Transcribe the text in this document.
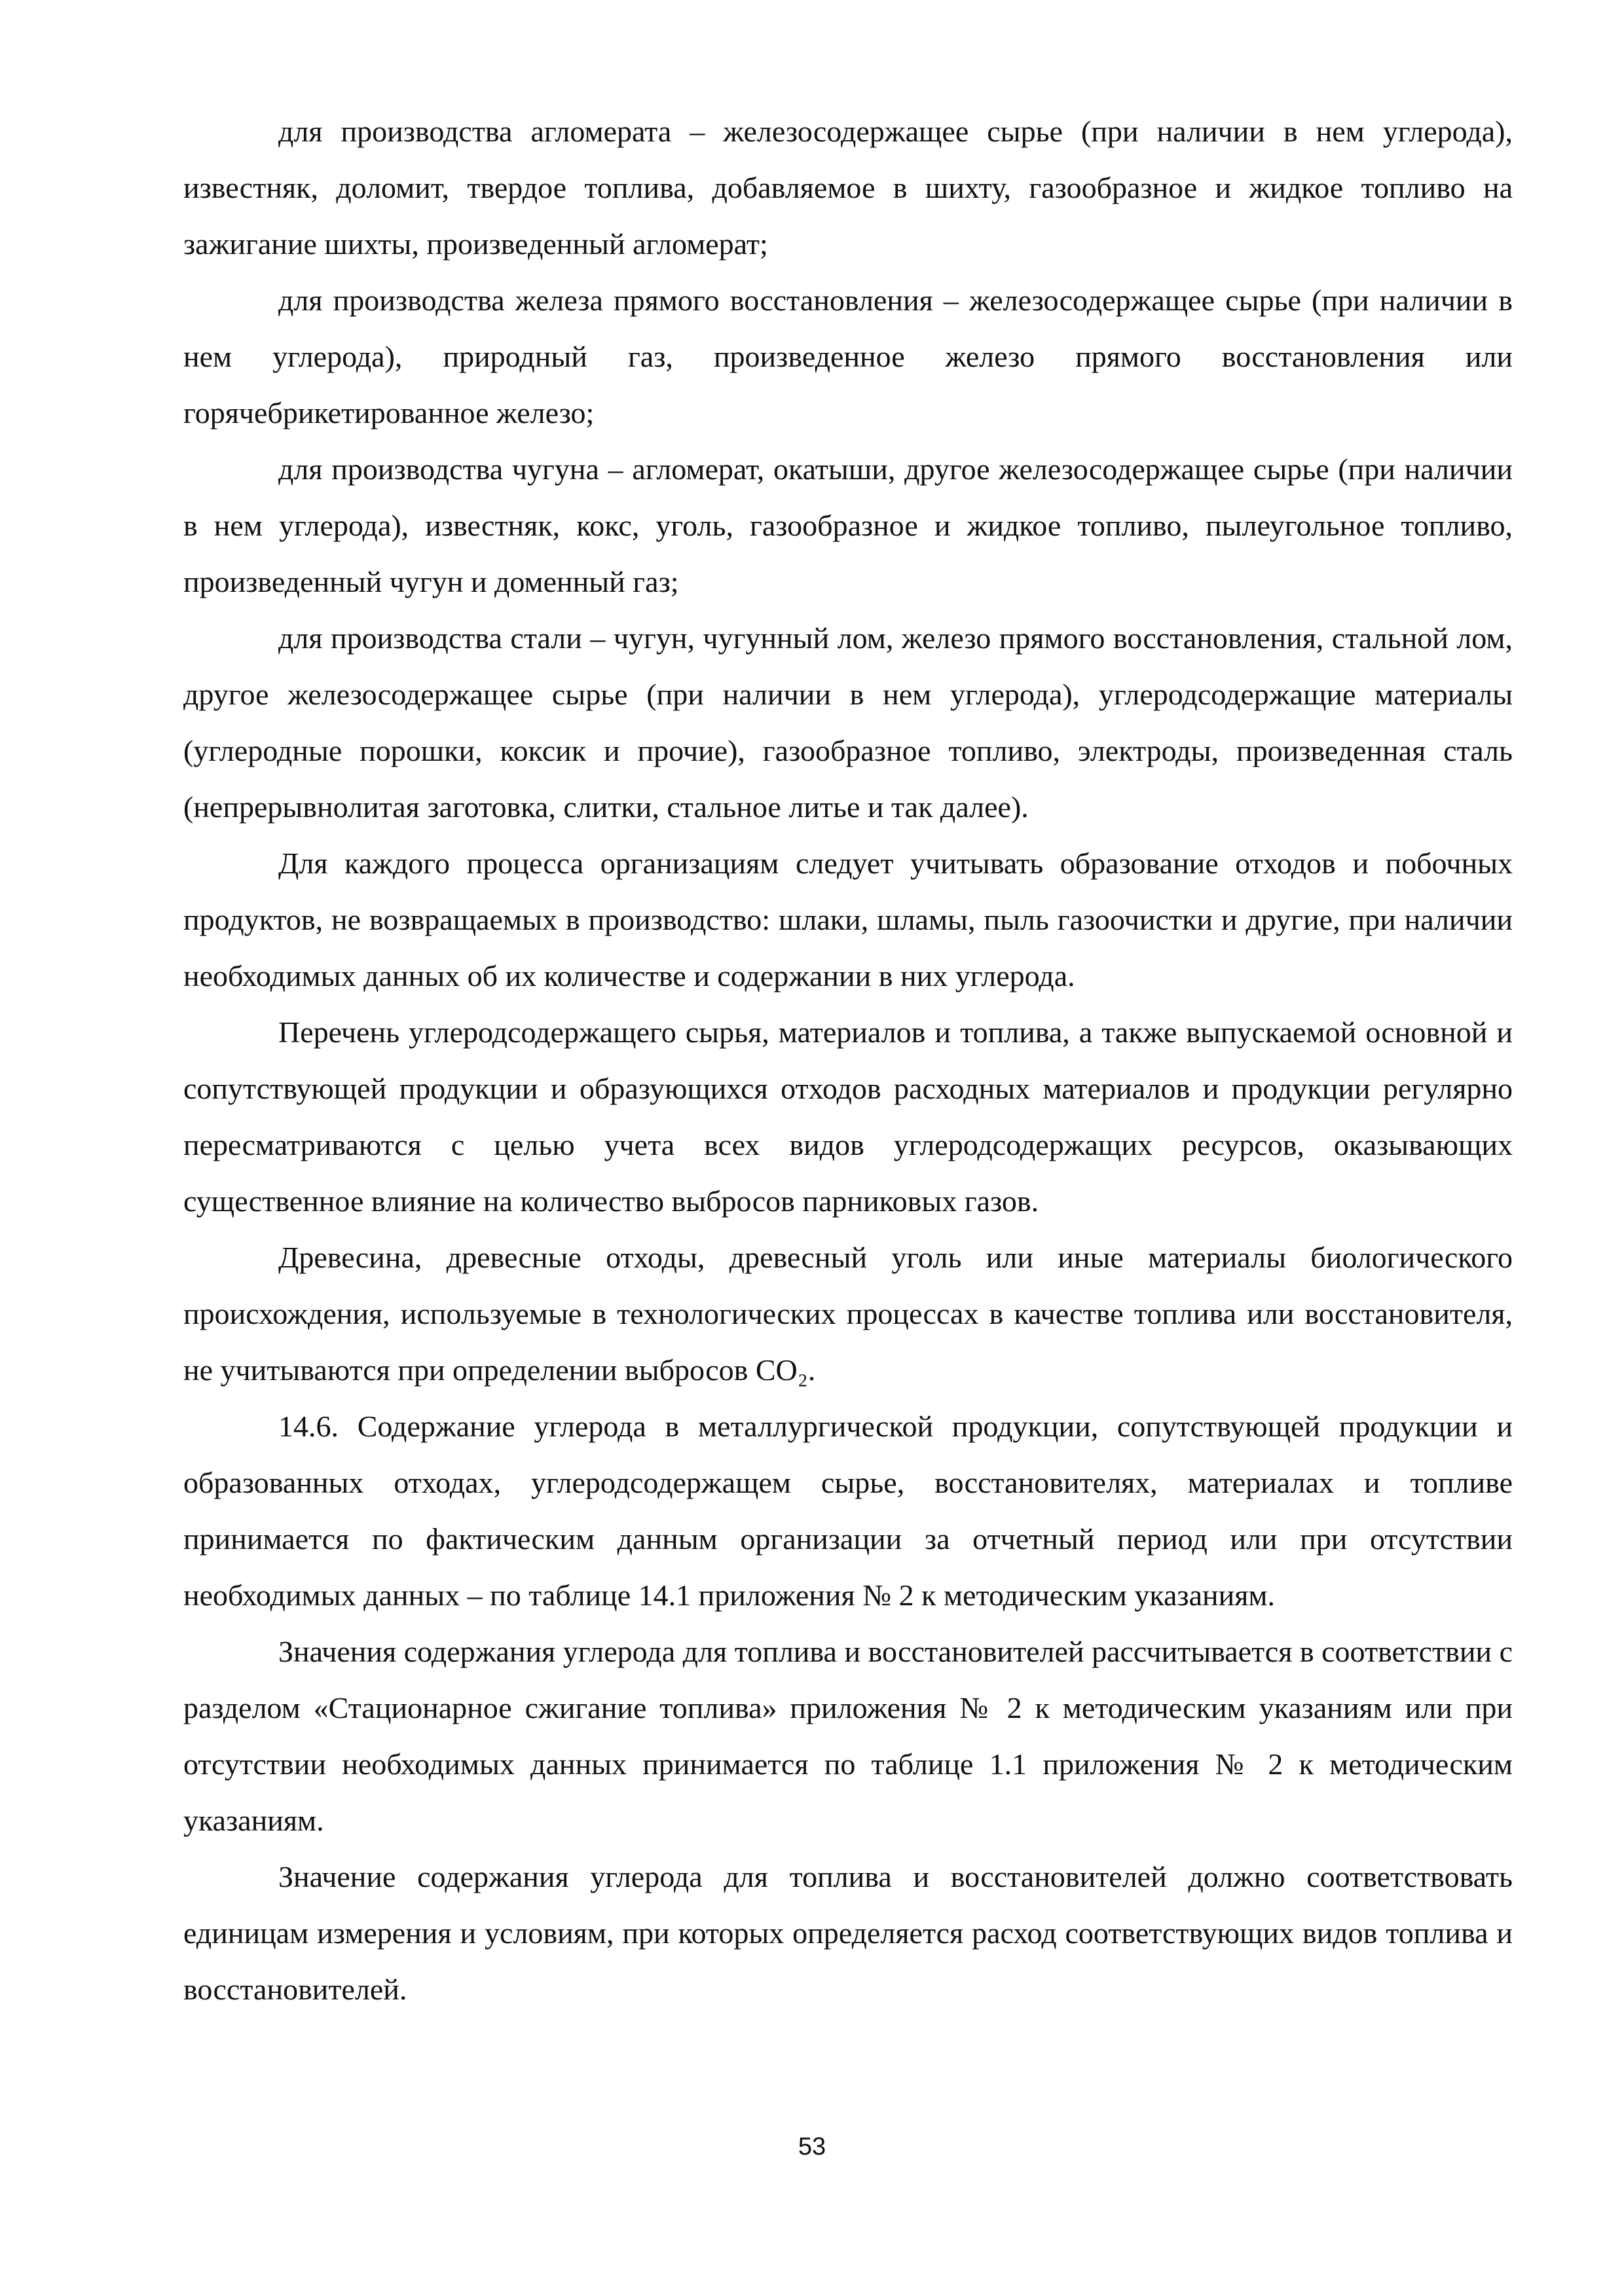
для производства агломерата – железосодержащее сырье (при наличии в нем углерода), известняк, доломит, твердое топлива, добавляемое в шихту, газообразное и жидкое топливо на зажигание шихты, произведенный агломерат;

для производства железа прямого восстановления – железосодержащее сырье (при наличии в нем углерода), природный газ, произведенное железо прямого восстановления или горячебрикетированное железо;

для производства чугуна – агломерат, окатыши, другое железосодержащее сырье (при наличии в нем углерода), известняк, кокс, уголь, газообразное и жидкое топливо, пылеугольное топливо, произведенный чугун и доменный газ;

для производства стали – чугун, чугунный лом, железо прямого восстановления, стальной лом, другое железосодержащее сырье (при наличии в нем углерода), углеродсодержащие материалы (углеродные порошки, коксик и прочие), газообразное топливо, электроды, произведенная сталь (непрерывнолитая заготовка, слитки, стальное литье и так далее).

Для каждого процесса организациям следует учитывать образование отходов и побочных продуктов, не возвращаемых в производство: шлаки, шламы, пыль газоочистки и другие, при наличии необходимых данных об их количестве и содержании в них углерода.

Перечень углеродсодержащего сырья, материалов и топлива, а также выпускаемой основной и сопутствующей продукции и образующихся отходов расходных материалов и продукции регулярно пересматриваются с целью учета всех видов углеродсодержащих ресурсов, оказывающих существенное влияние на количество выбросов парниковых газов.

Древесина, древесные отходы, древесный уголь или иные материалы биологического происхождения, используемые в технологических процессах в качестве топлива или восстановителя, не учитываются при определении выбросов CO₂.

14.6. Содержание углерода в металлургической продукции, сопутствующей продукции и образованных отходах, углеродсодержащем сырье, восстановителях, материалах и топливе принимается по фактическим данным организации за отчетный период или при отсутствии необходимых данных – по таблице 14.1 приложения № 2 к методическим указаниям.

Значения содержания углерода для топлива и восстановителей рассчитывается в соответствии с разделом «Стационарное сжигание топлива» приложения № 2 к методическим указаниям или при отсутствии необходимых данных принимается по таблице 1.1 приложения № 2 к методическим указаниям.

Значение содержания углерода для топлива и восстановителей должно соответствовать единицам измерения и условиям, при которых определяется расход соответствующих видов топлива и восстановителей.

53
